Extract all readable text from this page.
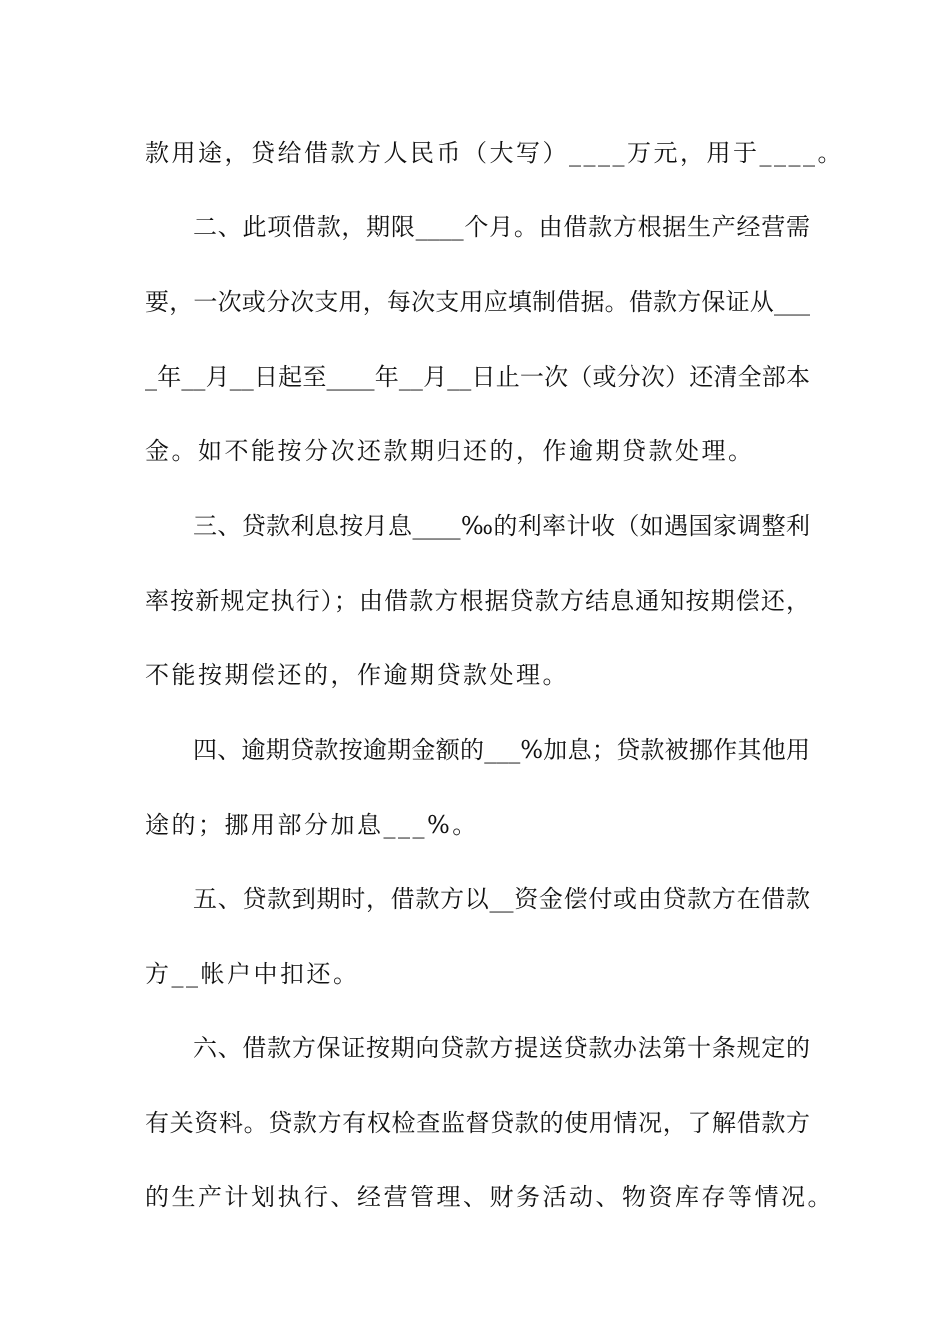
款用途，贷给借款方人民币（大写）____万元，用于____。
二、此项借款，期限____个月。由借款方根据生产经营需
要，一次或分次支用，每次支用应填制借据。借款方保证从___
_年__月__日起至____年__月__日止一次（或分次）还清全部本
金。如不能按分次还款期归还的，作逾期贷款处理。
三、贷款利息按月息____‰的利率计收（如遇国家调整利
率按新规定执行）；由借款方根据贷款方结息通知按期偿还，
不能按期偿还的，作逾期贷款处理。
四、逾期贷款按逾期金额的___%加息；贷款被挪作其他用
途的；挪用部分加息___%。
五、贷款到期时，借款方以__资金偿付或由贷款方在借款
方__帐户中扣还。
六、借款方保证按期向贷款方提送贷款办法第十条规定的
有关资料。贷款方有权检查监督贷款的使用情况，了解借款方
的生产计划执行、经营管理、财务活动、物资库存等情况。
